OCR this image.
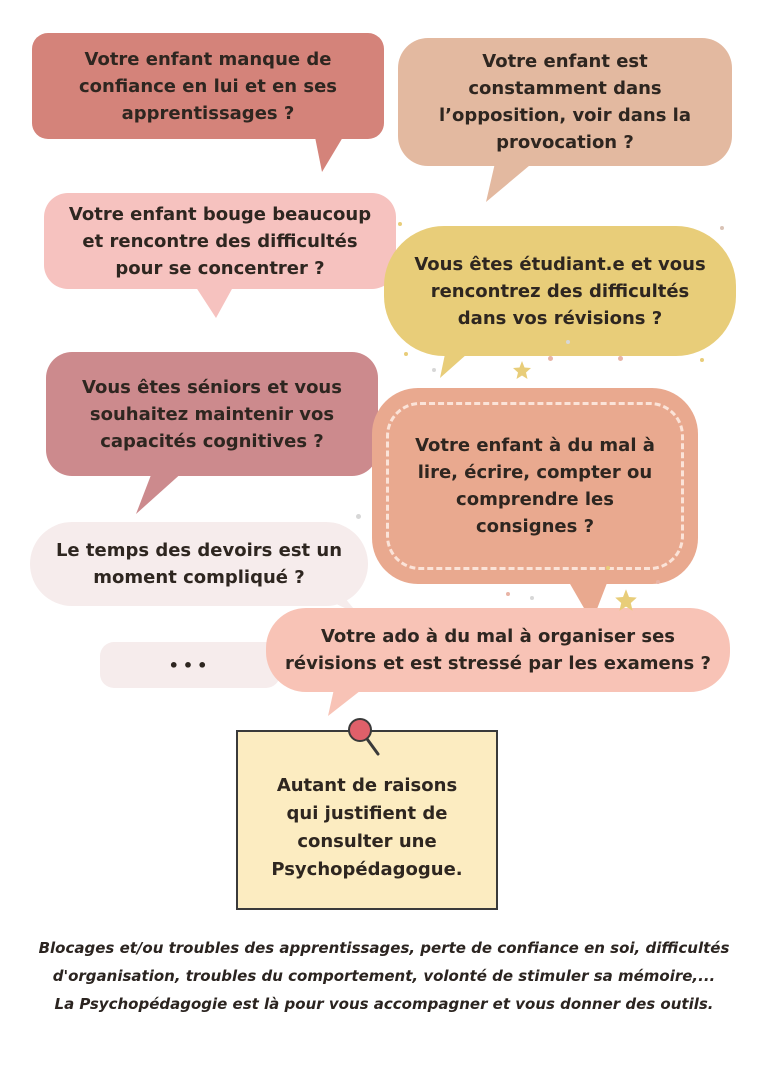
Votre enfant manque de
confiance en lui et en ses
apprentissages ?
Votre enfant est
constamment dans
l’opposition, voir dans la
provocation ?
Votre enfant bouge beaucoup
et rencontre des difficultés
pour se concentrer ?	Vous êtes étudiant.e et vous
rencontrez des difficultés
dans vos révisions ?
Vous êtes séniors et vous
souhaitez maintenir vos
capacités cognitives ?	Votre enfant à du mal à
lire, écrire, compter ou
comprendre les
consignes ?
Le temps des devoirs est un
moment compliqué ?
•••
Votre ado à du mal à organiser ses
révisions et est stressé par les examens ?
Autant de raisons
qui justifient de
consulter une
Psychopédagogue.
Blocages et/ou troubles des apprentissages, perte de confiance en soi, difficultés
d'organisation, troubles du comportement, volonté de stimuler sa mémoire,...
La Psychopédagogie est là pour vous accompagner et vous donner des outils.
